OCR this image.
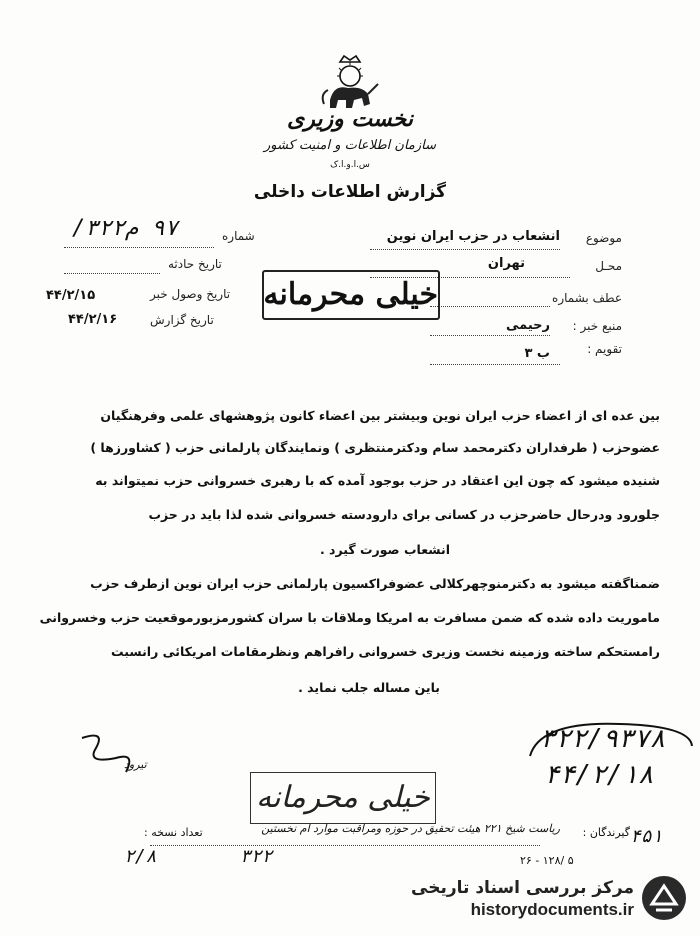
نخست وزیری
سازمان اطلاعات و امنیت کشور
س.ا.و.ا.ک
گزارش اطلاعات داخلی
موضوع
انشعاب در حزب ایران نوین
محـل
تهران
عطف بشماره
منبع خبر :
رحیمی
تقویم :
ب ۳
شماره
۹۷ م۳۲۲/
تاریخ حادثه
تاریخ وصول خبر
۴۴/۲/۱۵
تاریخ گزارش
۴۴/۲/۱۶
خیلی محرمانه
بین عده ای از اعضاء حزب ایران نوین وبیشتر بین اعضاء کانون پژوهشهای علمی وفرهنگیان
عضوحزب ( طرفداران دکترمحمد سام ودکترمنتظری ) ونمایندگان پارلمانی حزب ( کشاورزها )
شنیده میشود که چون این اعتقاد در حزب بوجود آمده که با رهبری خسروانی حزب نمیتواند به
جلورود ودرحال حاضرحزب در کسانی برای دارودسته خسروانی شده لذا باید در حزب
انشعاب صورت گیرد .
ضمناگفته میشود به دکترمنوچهرکلالی عضوفراکسیون پارلمانی حزب ایران نوین ازطرف حزب
ماموریت داده شده که ضمن مسافرت به امریکا وملاقات با سران کشورمزبورموقعیت حزب وخسروانی
رامستحکم ساخته وزمینه نخست وزیری خسروانی رافراهم ونظرمقامات امریکائی رانسبت
باین مساله جلب نماید .
تیرود
۳۲۲/۹۳۷۸
۴۴/۲/۱۸
خیلی محرمانه
ریاست شیخ ۲۲۱ هیئت تحقیق در حوزه ومراقبت موارد ام نخستین
تعداد نسخه :	گیرندگان :
۳۲۲
۲/۸	۲۶ - ۱۲۸/ ۵
۴۵۱
مرکز بررسی اسناد تاریخی
historydocuments.ir
